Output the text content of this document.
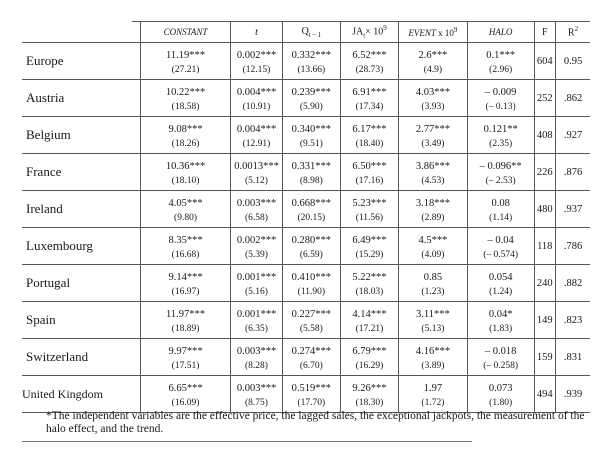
	CONSTANT	t	$Q_{t - 1}$	$JA_t\times 10^9$	EVENT x $10^9$	HALO	F	$R^2$
Europe	11.19***	0.002***	0.332***	6.52***	2.6***	0.1***	604	0.95
	(27.21)	(12.15)	(13.66)	(28.73)	(4.9)	(2.96)		
Austria	10.22***	0.004***	0.239***	6.91***	4.03***	– 0.009	252	.862
	(18.58)	(10.91)	(5.90)	(17.34)	(3.93)	(– 0.13)		
Belgium	9.08***	0.004***	0.340***	6.17***	2.77***	0.121**	408	.927
	(18.26)	(12.91)	(9.51)	(18.40)	(3.49)	(2.35)		
France	10.36***	0.0013***	0.331***	6.50***	3.86***	– 0.096**	226	.876
	(18.10)	(5.12)	(8.98)	(17.16)	(4.53)	(– 2.53)		
Ireland	4.05***	0.003***	0.668***	5.23***	3.18***	0.08	480	.937
	(9.80)	(6.58)	(20.15)	(11.56)	(2.89)	(1.14)		
Luxembourg	8.35***	0.002***	0.280***	6.49***	4.5***	– 0.04	118	.786
	(16.68)	(5.39)	(6.59)	(15.29)	(4.09)	(– 0.574)		
Portugal	9.14***	0.001***	0.410***	5.22***	0.85	0.054	240	.882
	(16.97)	(5.16)	(11.90)	(18.03)	(1.23)	(1.24)		
Spain	11.97***	0.001***	0.227***	4.14***	3.11***	0.04*	149	.823
	(18.89)	(6.35)	(5.58)	(17.21)	(5.13)	(1.83)		
Switzerland	9.97***	0.003***	0.274***	6.79***	4.16***	– 0.018	159	.831
	(17.51)	(8.28)	(6.70)	(16.29)	(3.89)	(– 0.258)		
United Kingdom	6.65***	0.003***	0.519***	9.26***	1.97	0.073	494	.939
	(16.09)	(8.75)	(17.70)	(18.30)	(1.72)	(1.80)		
*The independent variables are the effective price, the lagged sales, the exceptional jackpots, the measurement of the halo effect, and the trend.
